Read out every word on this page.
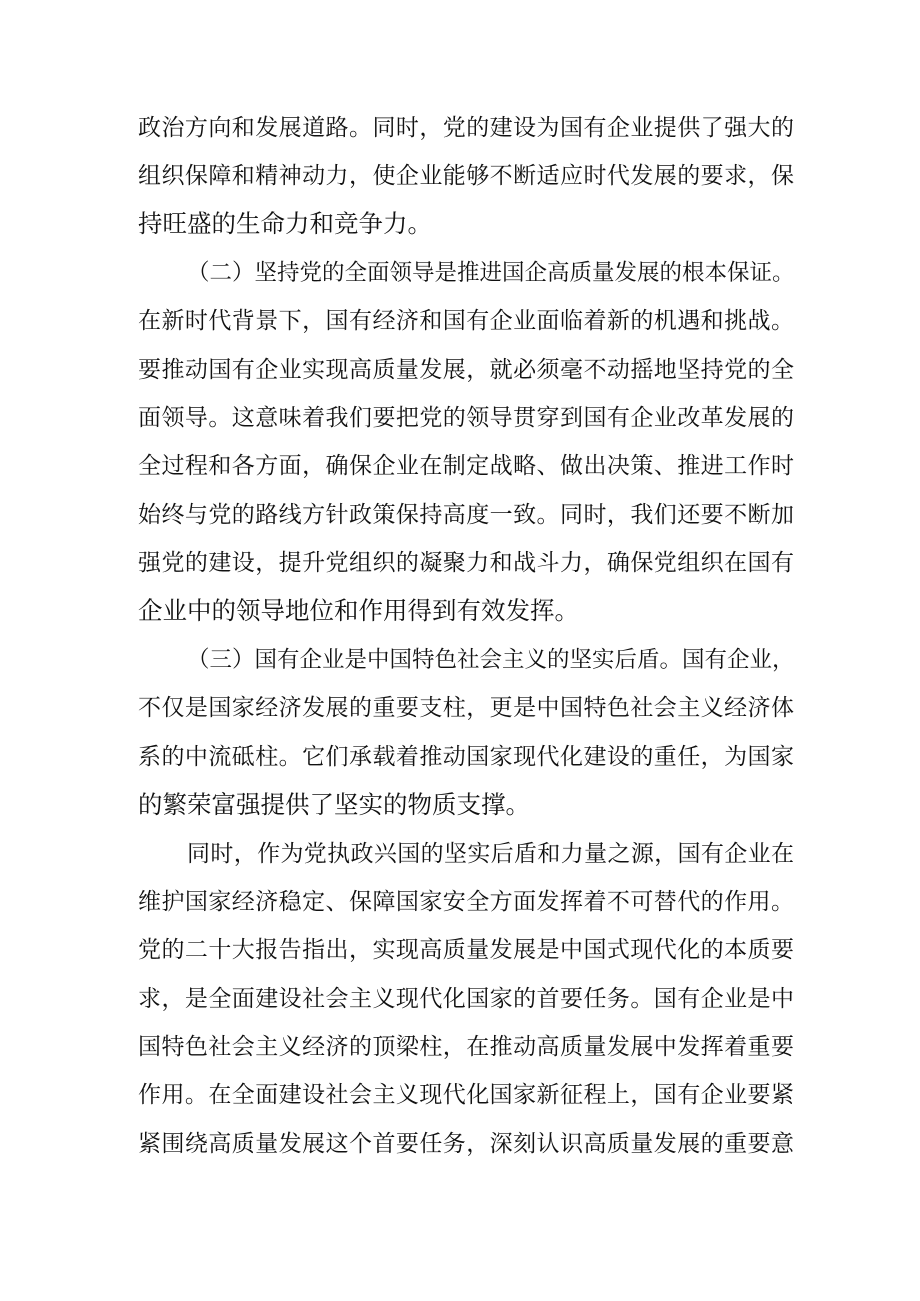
政治方向和发展道路。同时，党的建设为国有企业提供了强大的
组织保障和精神动力，使企业能够不断适应时代发展的要求，保
持旺盛的生命力和竞争力。
（二）坚持党的全面领导是推进国企高质量发展的根本保证。
在新时代背景下，国有经济和国有企业面临着新的机遇和挑战。
要推动国有企业实现高质量发展，就必须毫不动摇地坚持党的全
面领导。这意味着我们要把党的领导贯穿到国有企业改革发展的
全过程和各方面，确保企业在制定战略、做出决策、推进工作时
始终与党的路线方针政策保持高度一致。同时，我们还要不断加
强党的建设，提升党组织的凝聚力和战斗力，确保党组织在国有
企业中的领导地位和作用得到有效发挥。
（三）国有企业是中国特色社会主义的坚实后盾。国有企业，
不仅是国家经济发展的重要支柱，更是中国特色社会主义经济体
系的中流砥柱。它们承载着推动国家现代化建设的重任，为国家
的繁荣富强提供了坚实的物质支撑。
同时，作为党执政兴国的坚实后盾和力量之源，国有企业在
维护国家经济稳定、保障国家安全方面发挥着不可替代的作用。
党的二十大报告指出，实现高质量发展是中国式现代化的本质要
求，是全面建设社会主义现代化国家的首要任务。国有企业是中
国特色社会主义经济的顶梁柱，在推动高质量发展中发挥着重要
作用。在全面建设社会主义现代化国家新征程上，国有企业要紧
紧围绕高质量发展这个首要任务，深刻认识高质量发展的重要意
